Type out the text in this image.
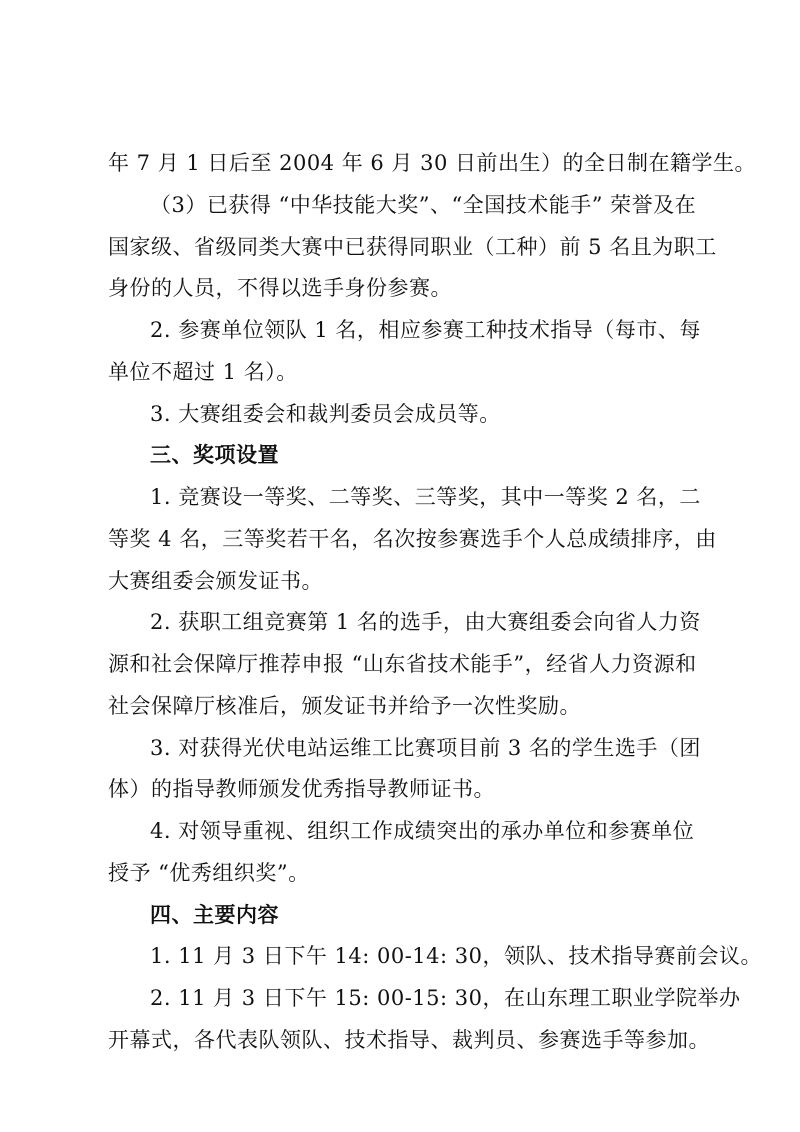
年 7 月 1 日后至 2004 年 6 月 30 日前出生）的全日制在籍学生。
（3）已获得 “中华技能大奖”、“全国技术能手” 荣誉及在
国家级、省级同类大赛中已获得同职业（工种）前 5 名且为职工
身份的人员，不得以选手身份参赛。
2. 参赛单位领队 1 名，相应参赛工种技术指导（每市、每
单位不超过 1 名）。
3. 大赛组委会和裁判委员会成员等。
三、奖项设置
1. 竞赛设一等奖、二等奖、三等奖，其中一等奖 2 名，二
等奖 4 名，三等奖若干名，名次按参赛选手个人总成绩排序，由
大赛组委会颁发证书。
2. 获职工组竞赛第 1 名的选手，由大赛组委会向省人力资
源和社会保障厅推荐申报 “山东省技术能手”，经省人力资源和
社会保障厅核准后，颁发证书并给予一次性奖励。
3. 对获得光伏电站运维工比赛项目前 3 名的学生选手（团
体）的指导教师颁发优秀指导教师证书。
4. 对领导重视、组织工作成绩突出的承办单位和参赛单位
授予 “优秀组织奖”。
四、主要内容
1. 11 月 3 日下午 14: 00-14: 30，领队、技术指导赛前会议。
2. 11 月 3 日下午 15: 00-15: 30，在山东理工职业学院举办
开幕式，各代表队领队、技术指导、裁判员、参赛选手等参加。
